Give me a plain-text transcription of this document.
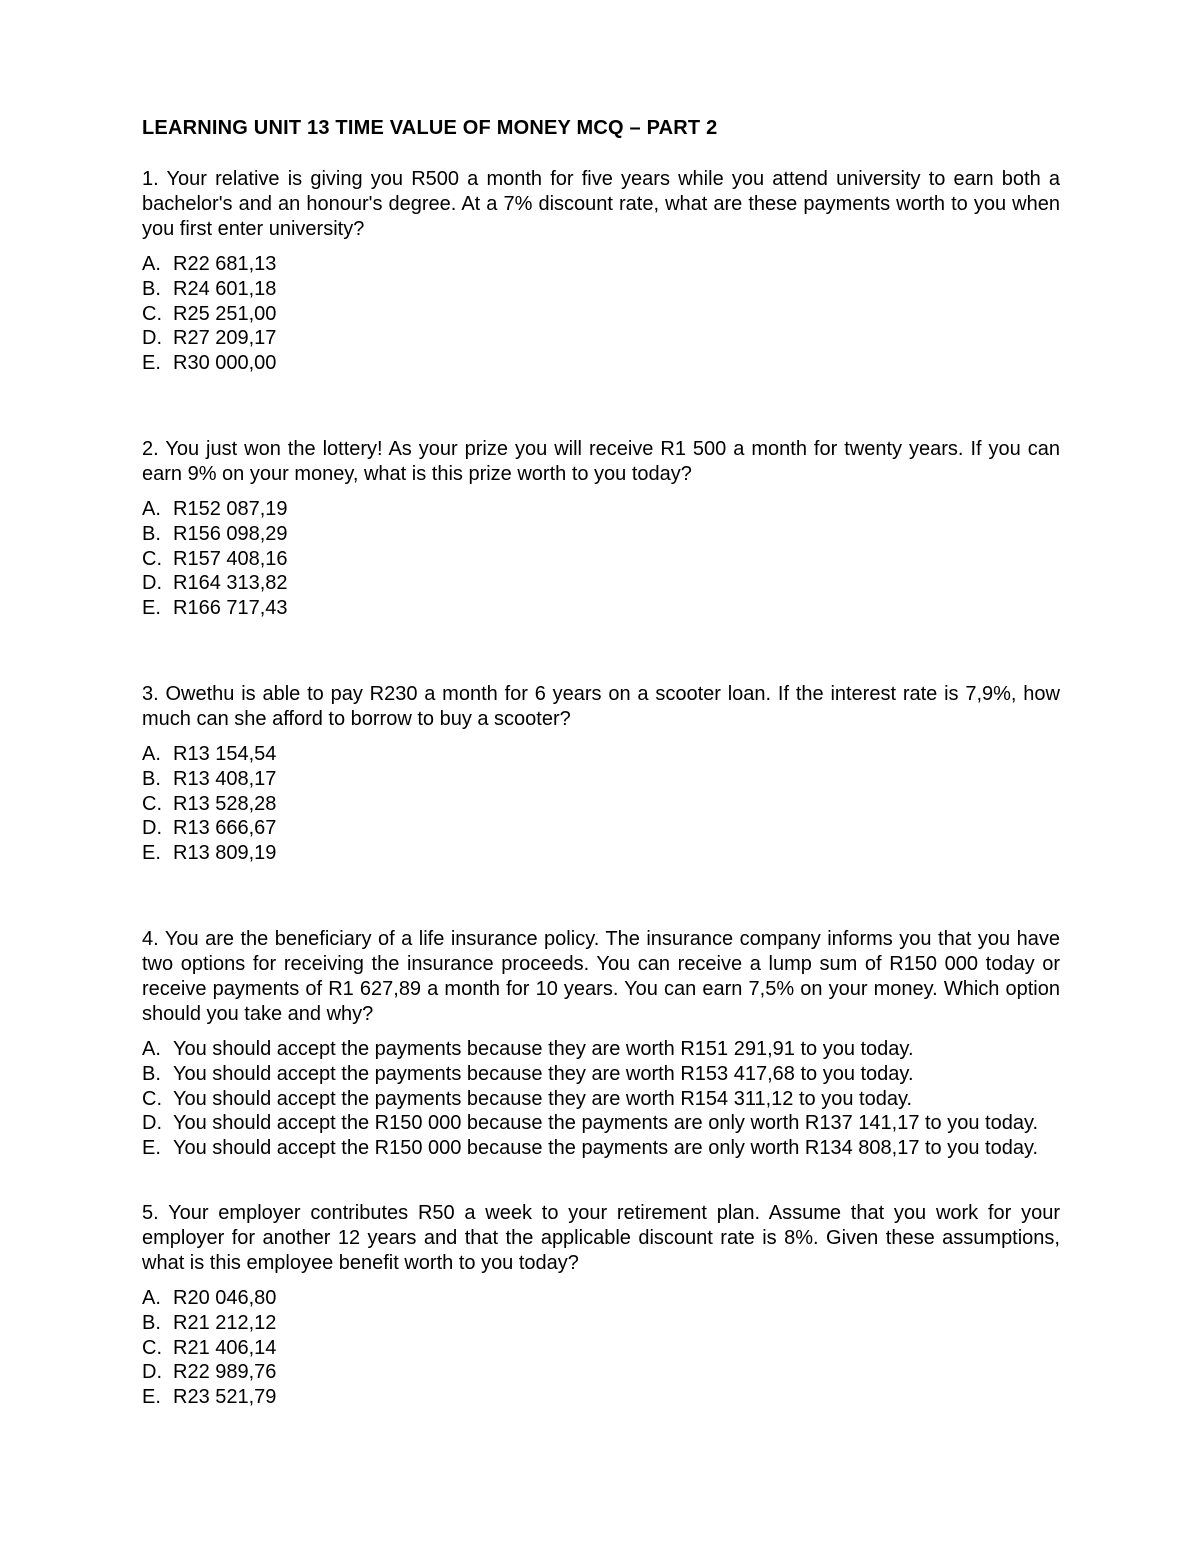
LEARNING UNIT 13 TIME VALUE OF MONEY MCQ – PART 2
1. Your relative is giving you R500 a month for five years while you attend university to earn both a bachelor's and an honour's degree. At a 7% discount rate, what are these payments worth to you when you first enter university?
A. R22 681,13
B. R24 601,18
C. R25 251,00
D. R27 209,17
E. R30 000,00
2. You just won the lottery! As your prize you will receive R1 500 a month for twenty years. If you can earn 9% on your money, what is this prize worth to you today?
A. R152 087,19
B. R156 098,29
C. R157 408,16
D. R164 313,82
E. R166 717,43
3. Owethu is able to pay R230 a month for 6 years on a scooter loan. If the interest rate is 7,9%, how much can she afford to borrow to buy a scooter?
A. R13 154,54
B. R13 408,17
C. R13 528,28
D. R13 666,67
E. R13 809,19
4. You are the beneficiary of a life insurance policy. The insurance company informs you that you have two options for receiving the insurance proceeds. You can receive a lump sum of R150 000 today or receive payments of R1 627,89 a month for 10 years. You can earn 7,5% on your money. Which option should you take and why?
A. You should accept the payments because they are worth R151 291,91 to you today.
B. You should accept the payments because they are worth R153 417,68 to you today.
C. You should accept the payments because they are worth R154 311,12 to you today.
D. You should accept the R150 000 because the payments are only worth R137 141,17 to you today.
E. You should accept the R150 000 because the payments are only worth R134 808,17 to you today.
5. Your employer contributes R50 a week to your retirement plan. Assume that you work for your employer for another 12 years and that the applicable discount rate is 8%. Given these assumptions, what is this employee benefit worth to you today?
A. R20 046,80
B. R21 212,12
C. R21 406,14
D. R22 989,76
E. R23 521,79
